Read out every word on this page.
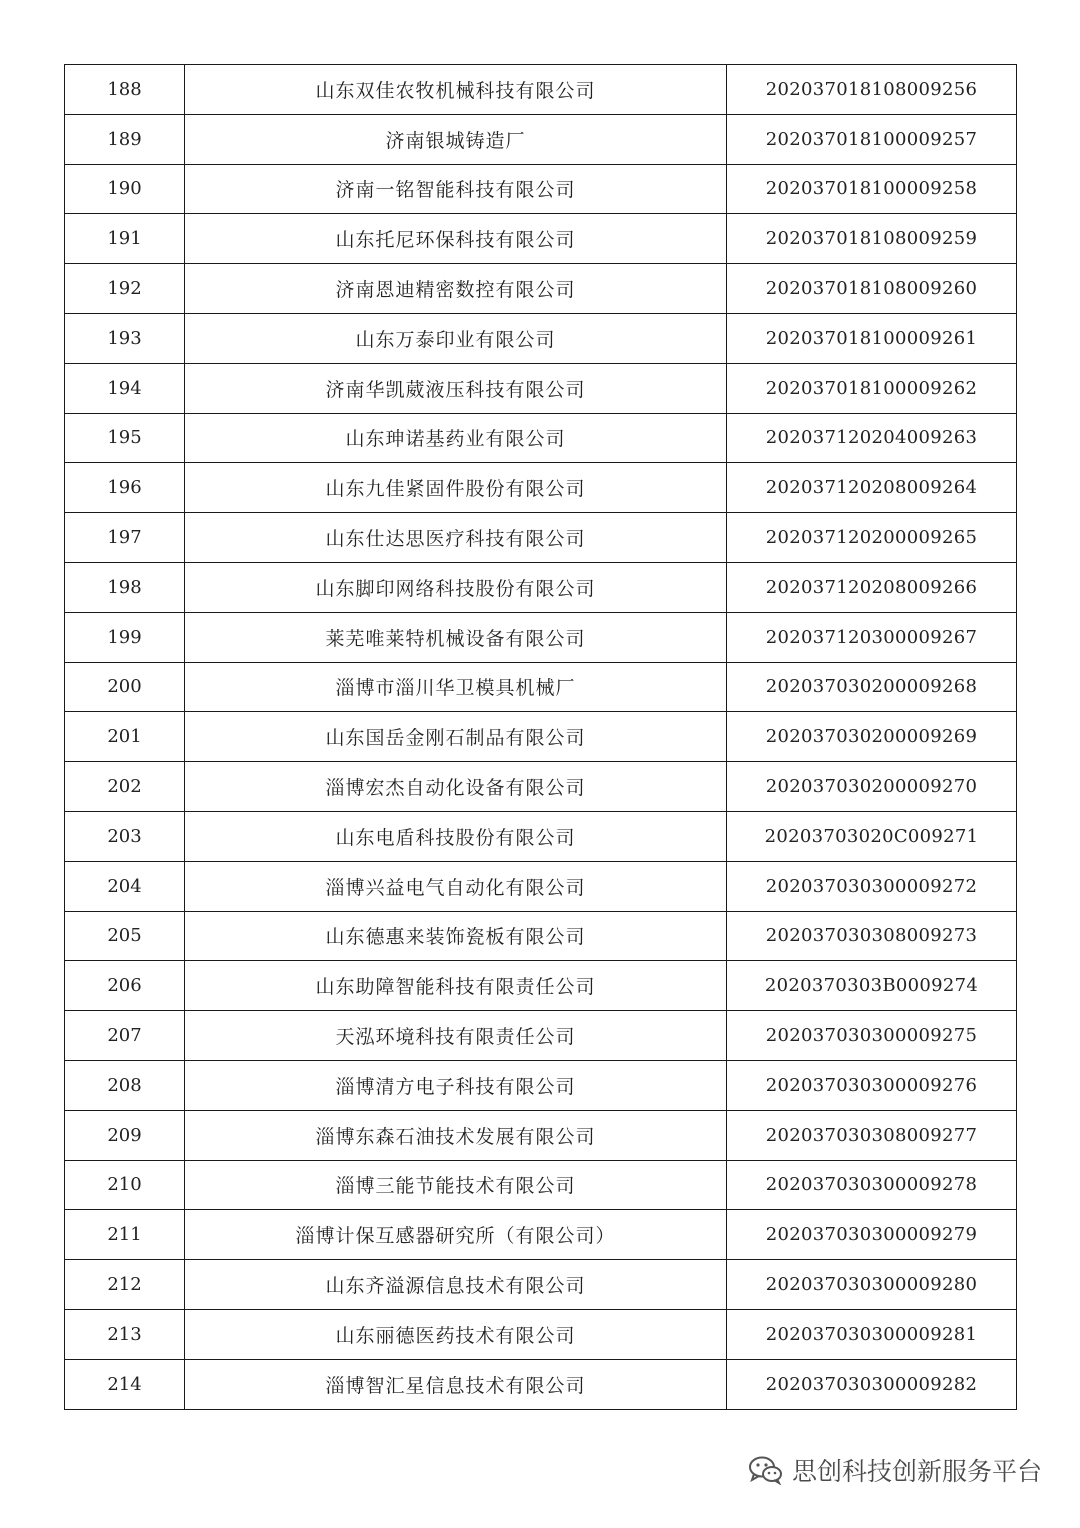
188	山东双佳农牧机械科技有限公司	202037018108009256
189	济南银城铸造厂	202037018100009257
190	济南一铭智能科技有限公司	202037018100009258
191	山东托尼环保科技有限公司	202037018108009259
192	济南恩迪精密数控有限公司	202037018108009260
193	山东万泰印业有限公司	202037018100009261
194	济南华凯葳液压科技有限公司	202037018100009262
195	山东珅诺基药业有限公司	202037120204009263
196	山东九佳紧固件股份有限公司	202037120208009264
197	山东仕达思医疗科技有限公司	202037120200009265
198	山东脚印网络科技股份有限公司	202037120208009266
199	莱芜唯莱特机械设备有限公司	202037120300009267
200	淄博市淄川华卫模具机械厂	202037030200009268
201	山东国岳金刚石制品有限公司	202037030200009269
202	淄博宏杰自动化设备有限公司	202037030200009270
203	山东电盾科技股份有限公司	20203703020C009271
204	淄博兴益电气自动化有限公司	202037030300009272
205	山东德惠来装饰瓷板有限公司	202037030308009273
206	山东助障智能科技有限责任公司	2020370303B0009274
207	天泓环境科技有限责任公司	202037030300009275
208	淄博清方电子科技有限公司	202037030300009276
209	淄博东森石油技术发展有限公司	202037030308009277
210	淄博三能节能技术有限公司	202037030300009278
211	淄博计保互感器研究所（有限公司）	202037030300009279
212	山东齐溢源信息技术有限公司	202037030300009280
213	山东丽德医药技术有限公司	202037030300009281
214	淄博智汇星信息技术有限公司	202037030300009282
思创科技创新服务平台
